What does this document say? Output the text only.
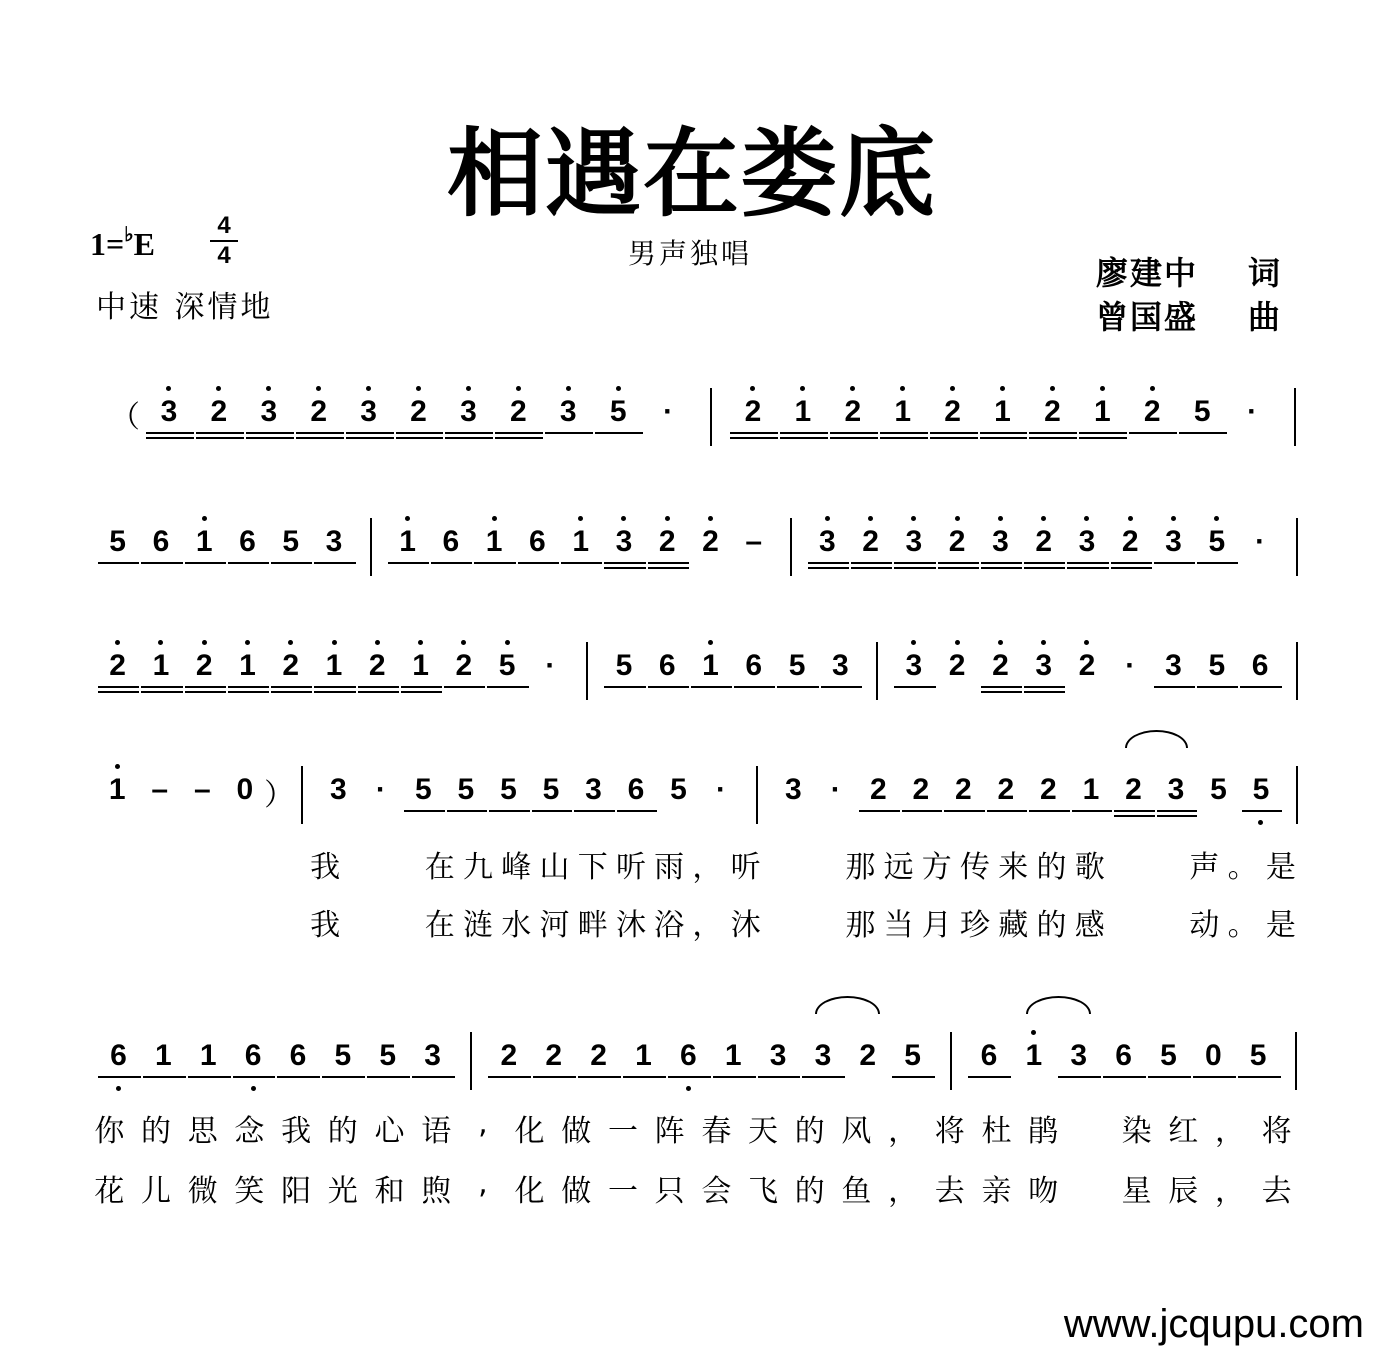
相遇在娄底
1=♭E
4
4
中速 深情地
男声独唱
廖建中 词
曾国盛 曲
（ 3 2 3 2 3 2 3 2 3 5	·	2 1 2 1 2 1 2 1 2 5	·
5 6 1 6 5 3 1 6 1 6 1 3 2 2 – 3 2 3 2 3 2 3 2 3 5 ·
2 1 2 1 2 1 2 1 2 5 ·	5 6 1 6 5 3 3 2 2 3 2 · 3 5 6
1 – – 0 ） 3 · 5 5 5 5 3 6 5 ·	3 · 2 2 2 2 2 1 2 3 5 5
6 1 1 6 6 5 5 3 2 2 2 1 6 1 3 3 2 5 6 1 3 6 5 0 5
我	在 九 峰 山 下 听 雨 ， 听	那 远 方 传 来 的 歌	声 。 是
我	在 涟 水 河 畔 沐 浴 ， 沐	那 当 月 珍 藏 的 感	动 。 是
你 的 思 念 我 的 心 语 , 化 做 一 阵 春 天 的 风 ， 将 杜 鹃 染 红 ， 将
花 儿 微 笑 阳 光 和 煦 , 化 做 一 只 会 飞 的 鱼 ， 去 亲 吻 星 辰 ， 去
www.jcqupu.com
